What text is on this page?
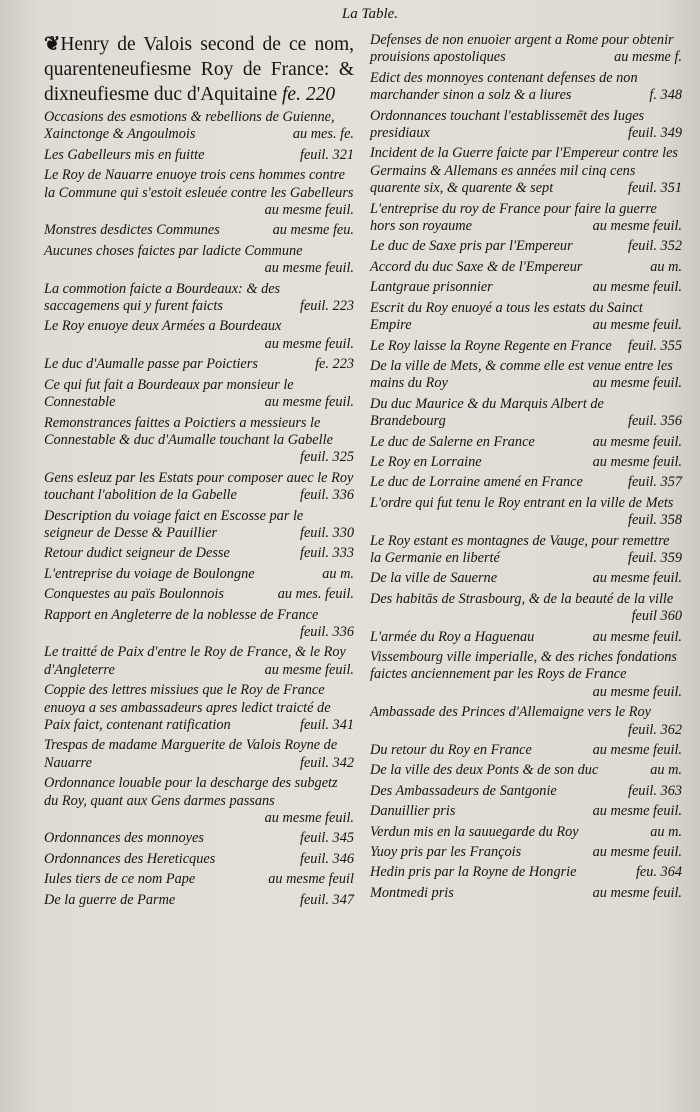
La Table.
❦ Henry de Valois second de ce nom, quarenteneufiesme Roy de France: & dixneufiesme duc d'Aquitaine fe. 220
Occasions des esmotions & rebellions de Guienne, Xainctonge & Angoulmois	au mes. fe.
Les Gabelleurs mis en fuitte	feuil. 321
Le Roy de Nauarre enuoye trois cens hommes contre la Commune qui s'estoit esleuée contre les Gabelleurs
au mesme feuil.
Monstres desdictes Communes	au mesme feu.
Aucunes choses faictes par ladicte Commune
au mesme feuil.
La commotion faicte a Bourdeaux: & des saccagemens qui y furent faicts	feuil. 223
Le Roy enuoye deux Armées a Bourdeaux
au mesme feuil.
Le duc d'Aumalle passe par Poictiers	fe. 223
Ce qui fut fait a Bourdeaux par monsieur le Connestable	au mesme feuil.
Remonstrances faittes a Poictiers a messieurs le Connestable & duc d'Aumalle touchant la Gabelle
feuil. 325
Gens esleuz par les Estats pour composer auec le Roy touchant l'abolition de la Gabelle	feuil. 336
Description du voiage faict en Escosse par le seigneur de Desse & Pauillier	feuil. 330
Retour dudict seigneur de Desse	feuil. 333
L'entreprise du voiage de Boulongne	au m.
Conquestes au païs Boulonnois	au mes. feuil.
Rapport en Angleterre de la noblesse de France
feuil. 336
Le traitté de Paix d'entre le Roy de France, & le Roy d'Angleterre	au mesme feuil.
Coppie des lettres missiues que le Roy de France enuoya a ses ambassadeurs apres ledict traicté de Paix faict, contenant ratification	feuil. 341
Trespas de madame Marguerite de Valois Royne de Nauarre	feuil. 342
Ordonnance louable pour la descharge des subgetz du Roy, quant aux Gens darmes passans
au mesme feuil.
Ordonnances des monnoyes	feuil. 345
Ordonnances des Hereticques	feuil. 346
Iules tiers de ce nom Pape	au mesme feuil
De la guerre de Parme	feuil. 347
Defenses de non enuoier argent a Rome pour obtenir prouisions apostoliques	au mesme f.
Edict des monnoyes contenant defenses de non marchander sinon a solz & a liures	f. 348
Ordonnances touchant l'establissemēt des Iuges presidiaux	feuil. 349
Incident de la Guerre faicte par l'Empereur contre les Germains & Allemans es années mil cinq cens quarente six, & quarente & sept	feuil. 351
L'entreprise du roy de France pour faire la guerre hors son royaume	au mesme feuil.
Le duc de Saxe pris par l'Empereur	feuil. 352
Accord du duc Saxe & de l'Empereur	au m.
Lantgraue prisonnier	au mesme feuil.
Escrit du Roy enuoyé a tous les estats du Sainct Empire	au mesme feuil.
Le Roy laisse la Royne Regente en France feuil. 355
De la ville de Mets, & comme elle est venue entre les mains du Roy	au mesme feuil.
Du duc Maurice & du Marquis Albert de Brandebourg	feuil. 356
Le duc de Salerne en France	au mesme feuil.
Le Roy en Lorraine	au mesme feuil.
Le duc de Lorraine amené en France	feuil. 357
L'ordre qui fut tenu le Roy entrant en la ville de Mets
feuil. 358
Le Roy estant es montagnes de Vauge, pour remettre la Germanie en liberté	feuil. 359
De la ville de Sauerne	au mesme feuil.
Des habitās de Strasbourg, & de la beauté de la ville
feuil 360
L'armée du Roy a Haguenau	au mesme feuil.
Vissembourg ville imperialle, & des riches fondations faictes anciennement par les Roys de France
au mesme feuil.
Ambassade des Princes d'Allemaigne vers le Roy
feuil. 362
Du retour du Roy en France	au mesme feuil.
De la ville des deux Ponts & de son duc	au m.
Des Ambassadeurs de Santgonie	feuil. 363
Danuillier pris	au mesme feuil.
Verdun mis en la sauuegarde du Roy	au m.
Yuoy pris par les François	au mesme feuil.
Hedin pris par la Royne de Hongrie	feu. 364
Montmedi pris	au mesme feuil.
